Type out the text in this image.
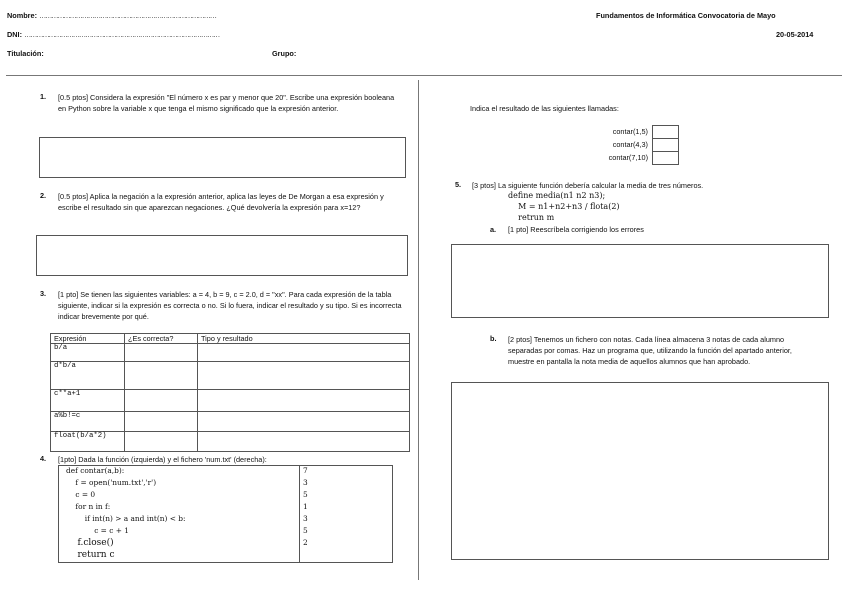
Nombre: ……………………………………………………………………………
DNI: ……………………………………………………………………………………
Titulación:	Grupo:
Fundamentos de Informática Convocatoria de Mayo
20-05-2014
1. [0.5 ptos] Considera la expresión "El número x es par y menor que 20". Escribe una expresión booleana en Python sobre la variable x que tenga el mismo significado que la expresión anterior.
2. [0.5 ptos] Aplica la negación a la expresión anterior, aplica las leyes de De Morgan a esa expresión y escribe el resultado sin que aparezcan negaciones. ¿Qué devolvería la expresión para x=12?
3. [1 pto] Se tienen las siguientes variables: a = 4, b = 9, c = 2.0, d = "xx". Para cada expresión de la tabla siguiente, indicar si la expresión es correcta o no. Si lo fuera, indicar el resultado y su tipo. Si es incorrecta indicar brevemente por qué.
Expresión	¿Es correcta?	Tipo y resultado
b/a		
d*b/a		
c**a+1		
a%b!=c		
float(b/a*2)		
4. [1pto] Dada la función (izquierda) y el fichero 'num.txt' (derecha):
def contar(a,b):
f = open('num.txt','r')
c = 0
for n in f:
if int(n) > a and int(n) < b:
c = c + 1
f.close()
return c
7
3
5
1
3
5
2
Indica el resultado de las siguientes llamadas:
contar(1,5)
contar(4,3)
contar(7,10)
5. [3 ptos] La siguiente función debería calcular la media de tres números.
define media(n1 n2 n3);
M = n1+n2+n3 / flota(2)
retrun m
a. [1 pto] Reescríbela corrigiendo los errores
b. [2 ptos] Tenemos un fichero con notas. Cada línea almacena 3 notas de cada alumno separadas por comas. Haz un programa que, utilizando la función del apartado anterior, muestre en pantalla la nota media de aquellos alumnos que han aprobado.
